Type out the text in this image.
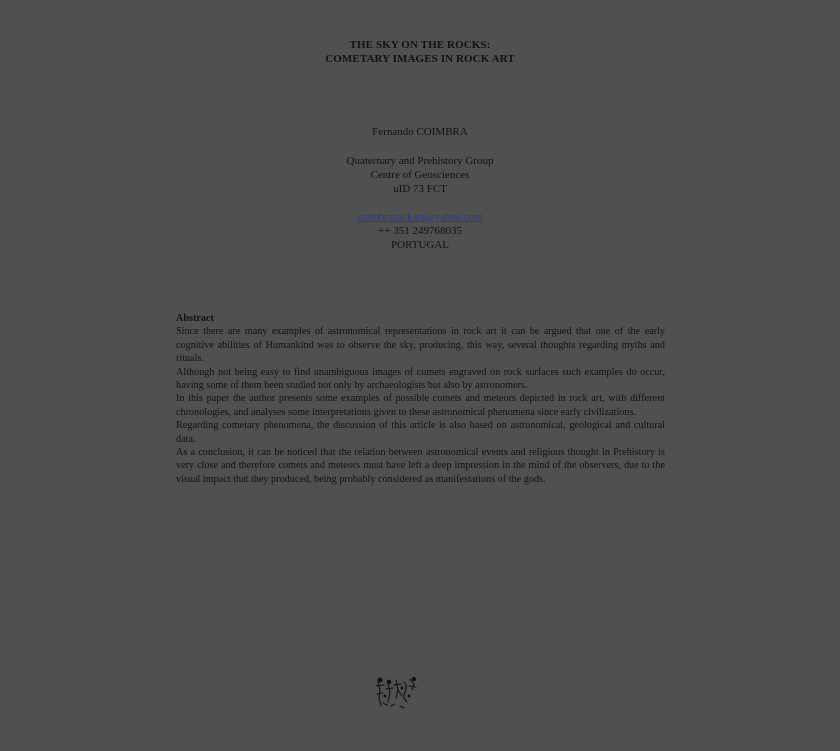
THE SKY ON THE ROCKS:
COMETARY IMAGES IN ROCK ART
Fernando COIMBRA
Quaternary and Prehistory Group
Centre of Geosciences
uID 73 FCT
coimbrarockart@yahoo.com
++ 351 249768035
PORTUGAL
Abstract

Since there are many examples of astronomical representations in rock art it can be argued that one of the early cognitive abilities of Humankind was to observe the sky, producing, this way, several thoughts regarding myths and rituals.

Although not being easy to find unambiguous images of comets engraved on rock surfaces such examples do occur, having some of them been studied not only by archaeologists but also by astronomers.

In this paper the author presents some examples of possible comets and meteors depicted in rock art, with different chronologies, and analyses some interpretations given to these astronomical phenomena since early civilizations.

Regarding cometary phenomena, the discussion of this article is also based on astronomical, geological and cultural data.

As a conclusion, it can be noticed that the relation between astronomical events and religious thought in Prehistory is very close and therefore comets and meteors must have left a deep impression in the mind of the observers, due to the visual impact that they produced, being probably considered as manifestations of the gods.
